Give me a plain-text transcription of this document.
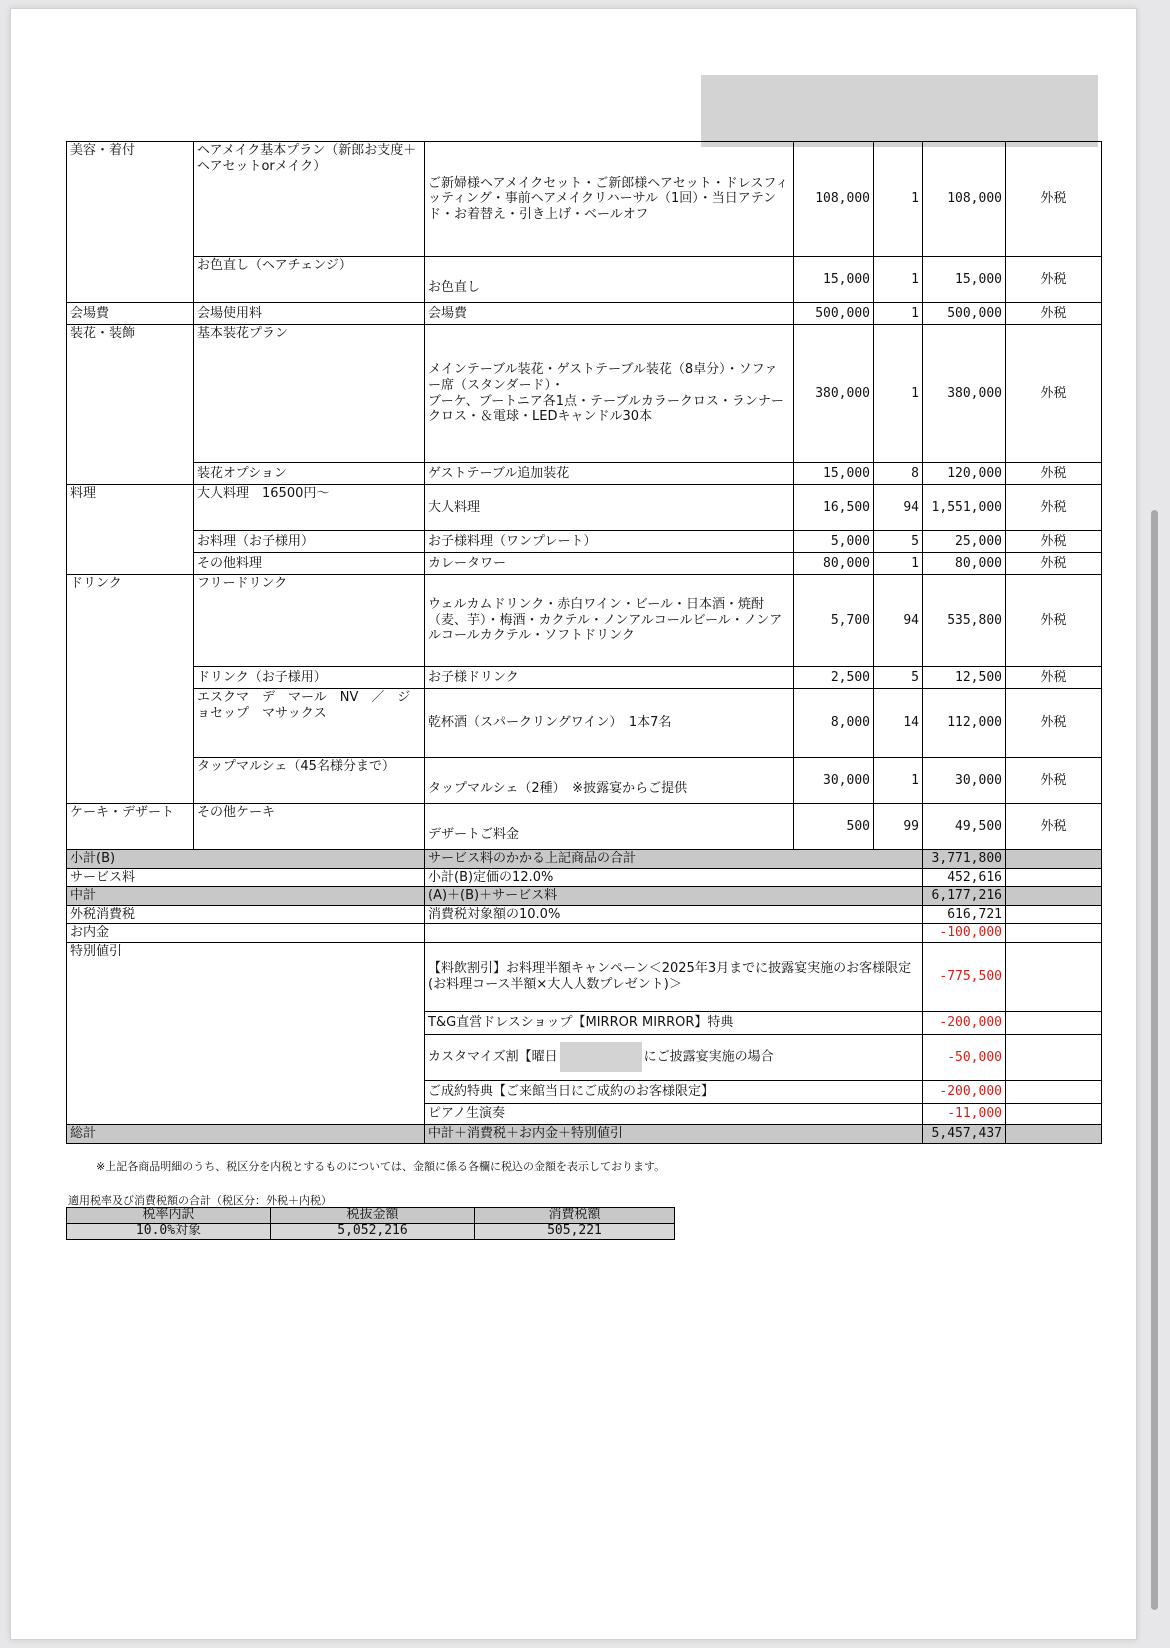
美容・着付	ヘアメイク基本プラン（新郎お支度＋ヘアセットorメイク）	ご新婦様ヘアメイクセット・ご新郎様ヘアセット・ドレスフィッティング・事前ヘアメイクリハーサル（1回）・当日アテンド・お着替え・引き上げ・ベールオフ	108,000	1	108,000	外税
	お色直し（ヘアチェンジ）	お色直し	15,000	1	15,000	外税
会場費	会場使用料	会場費	500,000	1	500,000	外税
装花・装飾	基本装花プラン	メインテーブル装花・ゲストテーブル装花（8卓分）・ソファー席（スタンダード）・
ブーケ、ブートニア各1点・テーブルカラークロス・ランナークロス・＆電球・LEDキャンドル30本	380,000	1	380,000	外税
	装花オプション	ゲストテーブル追加装花	15,000	8	120,000	外税
料理	大人料理　16500円～	大人料理	16,500	94	1,551,000	外税
	お料理（お子様用）	お子様料理（ワンプレート）	5,000	5	25,000	外税
	その他料理	カレータワー	80,000	1	80,000	外税
ドリンク	フリードリンク	ウェルカムドリンク・赤白ワイン・ビール・日本酒・焼酎（麦、芋）・梅酒・カクテル・ノンアルコールビール・ノンアルコールカクテル・ソフトドリンク	5,700	94	535,800	外税
	ドリンク（お子様用）	お子様ドリンク	2,500	5	12,500	外税
	エスクマ　デ　マール　NV　／　ジョセップ　マサックス	乾杯酒（スパークリングワイン）　1本7名	8,000	14	112,000	外税
	タップマルシェ（45名様分まで）	タップマルシェ（2種）　※披露宴からご提供	30,000	1	30,000	外税
ケーキ・デザート	その他ケーキ	デザートご料金	500	99	49,500	外税
小計(B)		サービス料のかかる上記商品の合計			3,771,800	
サービス料		小計(B)定価の12.0%			452,616	
中計		(A)＋(B)＋サービス料			6,177,216	
外税消費税		消費税対象額の10.0%			616,721	
お内金					-100,000	
特別値引		【料飲割引】お料理半額キャンペーン＜2025年3月までに披露宴実施のお客様限定(お料理コース半額×大人人数プレゼント)＞			-775,500	
		T&G直営ドレスショップ【MIRROR MIRROR】特典			-200,000	
		カスタマイズ割【曜日 にご披露宴実施の場合			-50,000	
		ご成約特典【ご来館当日にご成約のお客様限定】			-200,000	
		ピアノ生演奏			-11,000	
総計		中計＋消費税＋お内金＋特別値引			5,457,437	
※上記各商品明細のうち、税区分を内税とするものについては、金額に係る各欄に税込の金額を表示しております。
適用税率及び消費税額の合計（税区分：外税＋内税）
税率内訳	税抜金額	消費税額
10.0%対象	5,052,216	505,221
